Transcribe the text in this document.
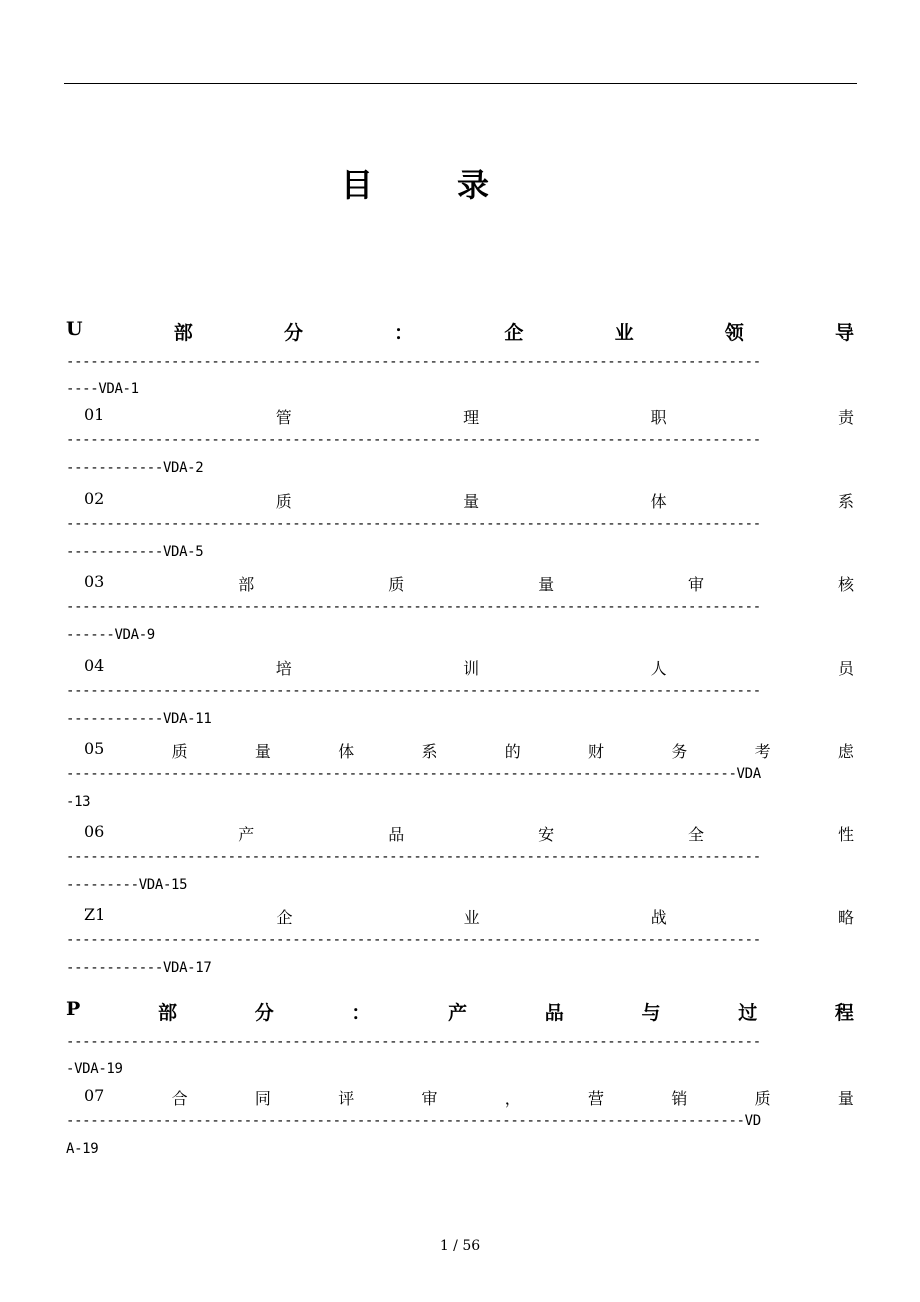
目	录
U	部	分	：	企	业	领	导
--------------------------------------------------------------------------------------
----VDA-1
01	管	理	职	责
--------------------------------------------------------------------------------------
------------VDA-2
02	质	量	体	系
--------------------------------------------------------------------------------------
------------VDA-5
03	部	质	量	审	核
--------------------------------------------------------------------------------------
------VDA-9
04	培	训	人	员
--------------------------------------------------------------------------------------
------------VDA-11
05	质	量	体	系	的	财	务	考	虑
-----------------------------------------------------------------------------------VDA
-13
06	产	品	安	全	性
--------------------------------------------------------------------------------------
---------VDA-15
Z1	企	业	战	略
--------------------------------------------------------------------------------------
------------VDA-17
P	部	分	：	产	品	与	过	程
--------------------------------------------------------------------------------------
-VDA-19
07	合	同	评	审	，	营	销	质	量
------------------------------------------------------------------------------------VD
A-19
1 / 56
